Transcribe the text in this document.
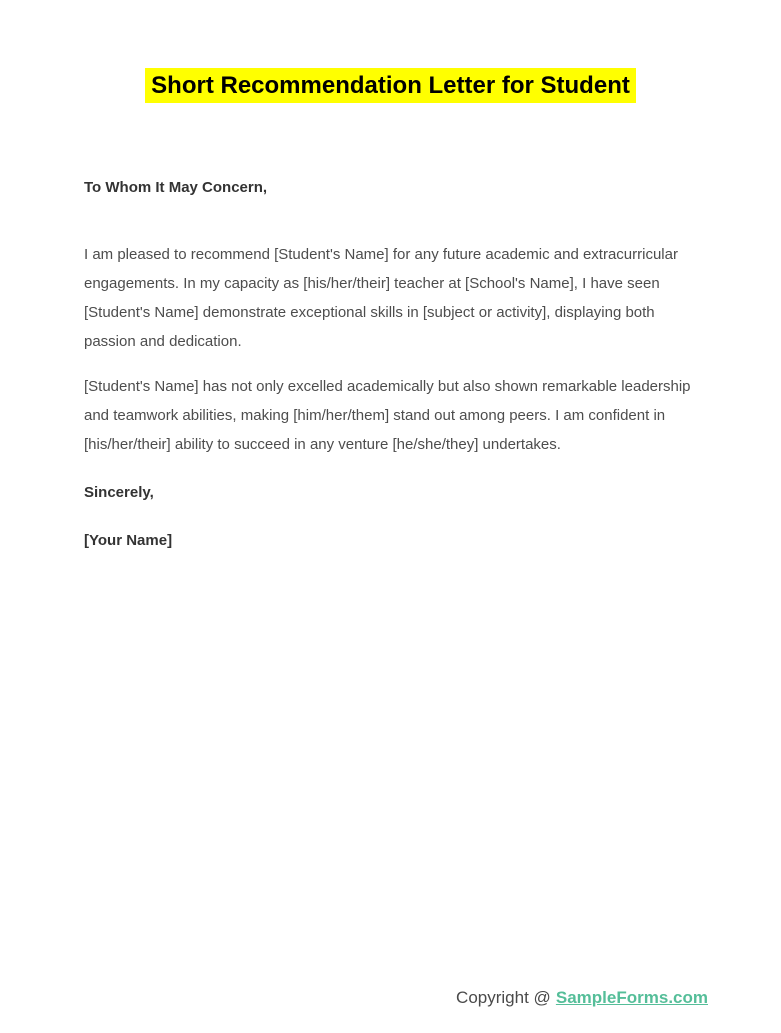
Short Recommendation Letter for Student
To Whom It May Concern,

I am pleased to recommend [Student's Name] for any future academic and extracurricular engagements. In my capacity as [his/her/their] teacher at [School's Name], I have seen [Student's Name] demonstrate exceptional skills in [subject or activity], displaying both passion and dedication.

[Student's Name] has not only excelled academically but also shown remarkable leadership and teamwork abilities, making [him/her/them] stand out among peers. I am confident in [his/her/their] ability to succeed in any venture [he/she/they] undertakes.

Sincerely,
[Your Name]
Copyright @ SampleForms.com
